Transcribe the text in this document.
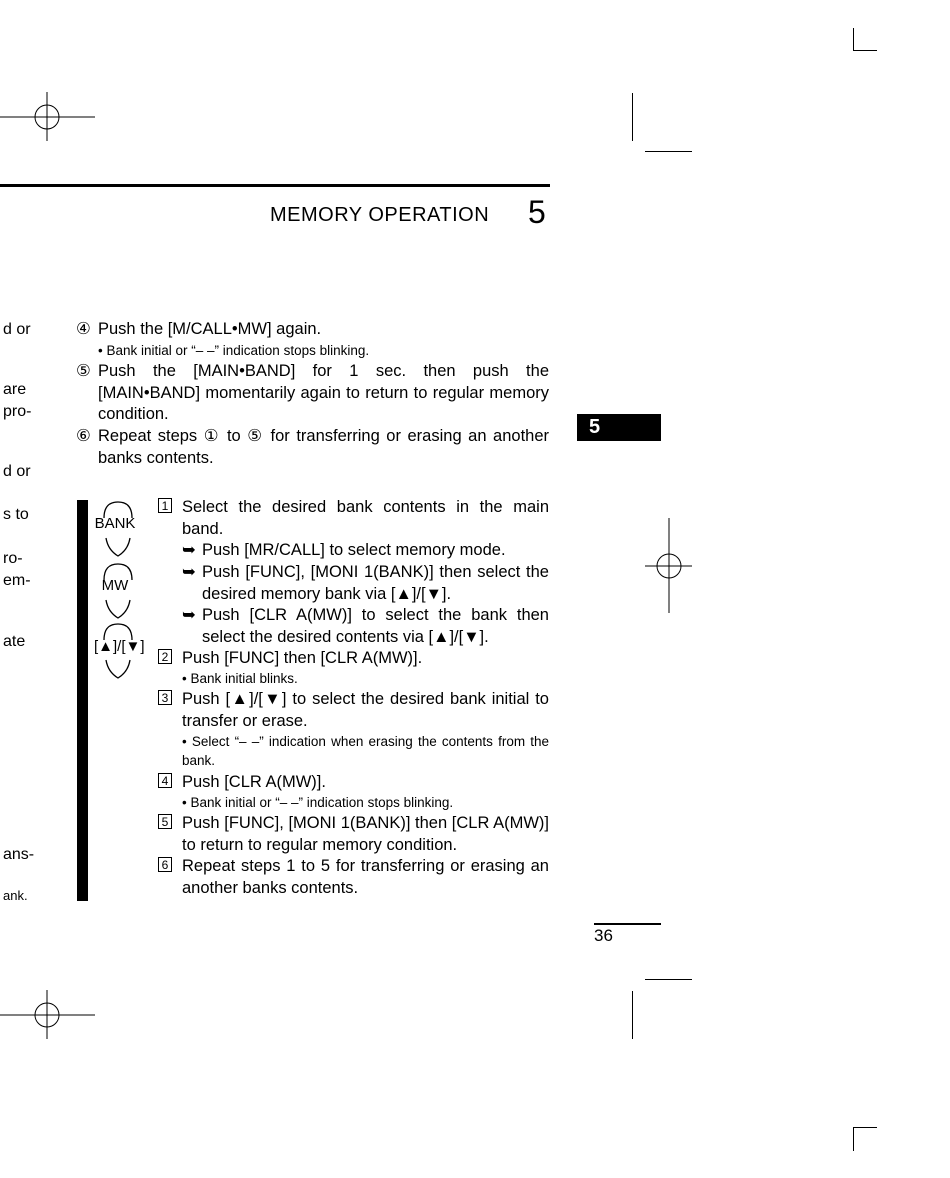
MEMORY OPERATION 5
5
d or
are
pro-
d or
s to
ro-
em-
ate
ans-
ank.
④ Push the [M/CALL•MW] again.
• Bank initial or “– –” indication stops blinking.
⑤ Push the [MAIN•BAND] for 1 sec. then push the [MAIN•BAND] momentarily again to return to regular memory condition.
⑥ Repeat steps ① to ⑤ for transferring or erasing an another banks contents.
BANK
MW
[▲]/[▼]
1 Select the desired bank contents in the main band.
➥ Push [MR/CALL] to select memory mode.
➥ Push [FUNC], [MONI 1(BANK)] then select the desired memory bank via [▲]/[▼].
➥ Push [CLR A(MW)] to select the bank then select the desired contents via [▲]/[▼].
2 Push [FUNC] then [CLR A(MW)].
• Bank initial blinks.
3 Push [▲]/[▼] to select the desired bank initial to transfer or erase.
• Select “– –” indication when erasing the contents from the bank.
4 Push [CLR A(MW)].
• Bank initial or “– –” indication stops blinking.
5 Push [FUNC], [MONI 1(BANK)] then [CLR A(MW)] to return to regular memory condition.
6 Repeat steps 1 to 5 for transferring or erasing an another banks contents.
36
